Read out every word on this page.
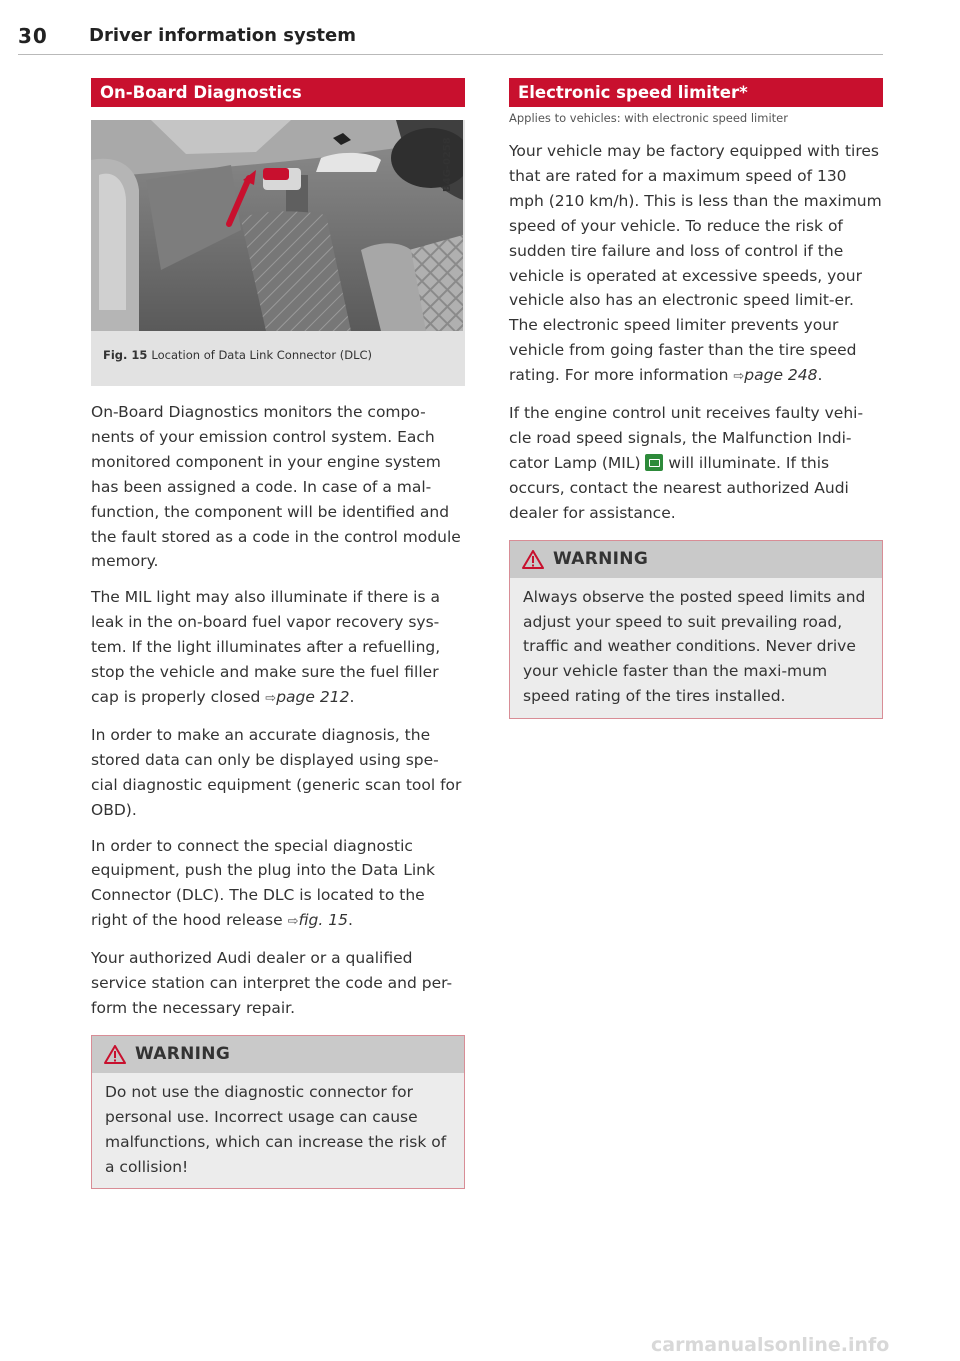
30 Driver information system
On-Board Diagnostics
B4G-0258
Fig. 15 Location of Data Link Connector (DLC)

On-Board Diagnostics monitors the compo-nents of your emission control system. Each monitored component in your engine system has been assigned a code. In case of a mal-function, the component will be identified and the fault stored as a code in the control module memory.

The MIL light may also illuminate if there is a leak in the on-board fuel vapor recovery sys-tem. If the light illuminates after a refuelling, stop the vehicle and make sure the fuel filler cap is properly closed ⇨page 212.

In order to make an accurate diagnosis, the stored data can only be displayed using spe-cial diagnostic equipment (generic scan tool for OBD).

In order to connect the special diagnostic equipment, push the plug into the Data Link Connector (DLC). The DLC is located to the right of the hood release ⇨fig. 15.

Your authorized Audi dealer or a qualified service station can interpret the code and per-form the necessary repair.

WARNING
Do not use the diagnostic connector for personal use. Incorrect usage can cause malfunctions, which can increase the risk of a collision!
Electronic speed limiter*
Applies to vehicles: with electronic speed limiter

Your vehicle may be factory equipped with tires that are rated for a maximum speed of 130 mph (210 km/h). This is less than the maximum speed of your vehicle. To reduce the risk of sudden tire failure and loss of control if the vehicle is operated at excessive speeds, your vehicle also has an electronic speed limit-er. The electronic speed limiter prevents your vehicle from going faster than the tire speed rating. For more information ⇨page 248.

If the engine control unit receives faulty vehi-cle road speed signals, the Malfunction Indi-cator Lamp (MIL)  will illuminate. If this occurs, contact the nearest authorized Audi dealer for assistance.

WARNING
Always observe the posted speed limits and adjust your speed to suit prevailing road, traffic and weather conditions. Never drive your vehicle faster than the maxi-mum speed rating of the tires installed.
carmanualsonline.info
